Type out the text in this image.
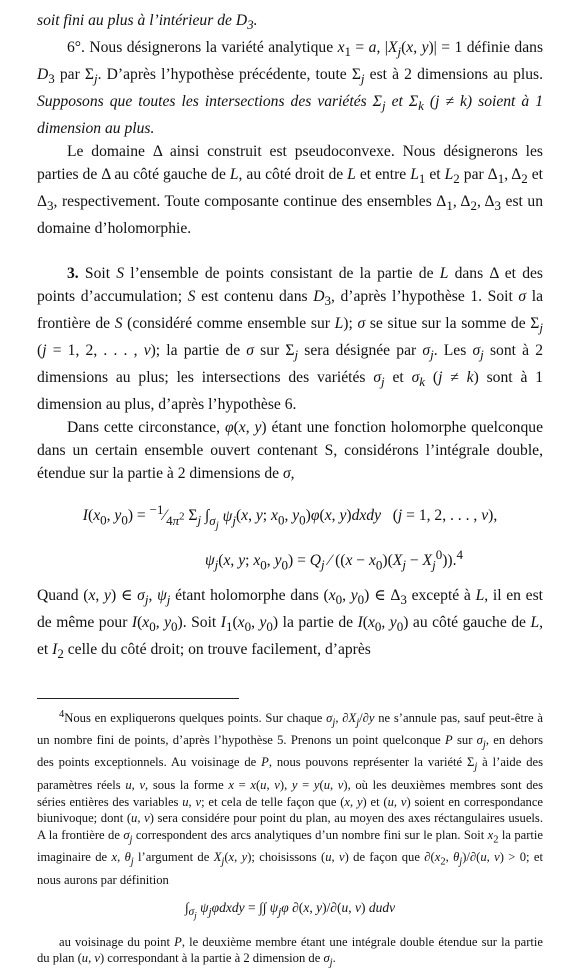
soit fini au plus à l’intérieur de $D_3$.

6°. Nous désignerons la variété analytique $x_1 = a$, $|X_j(x$, y)| = 1 définie dans $D_3$ par $\Sigma_j$. D’après l’hypothèse précédente, toute $\Sigma_j$ est à 2 dimensions au plus. Supposons que toutes les intersections des variétés $\Sigma_j$ et $\Sigma_k$ (j ≠ k) soient à 1 dimension au plus.

Le domaine Δ ainsi construit est pseudoconvexe. Nous désignerons les parties de Δ au côté gauche de L, au côté droit de L et entre $L_1$ et $L_2$ par $\Delta_1$, $\Delta_2$ et $\Delta_3$, respectivement. Toute composante continue des ensembles $\Delta_1$, $\Delta_2$, $\Delta_3$ est un domaine d’holomorphie.

3. Soit S l’ensemble de points consistant de la partie de L dans Δ et des points d’accumulation; S est contenu dans $D_3$, d’après l’hypothèse 1. Soit σ la frontière de S (considéré comme ensemble sur L); σ se situe sur la somme de $\Sigma_j$ (j = 1, 2, . . . , ν); la partie de σ sur $\Sigma_j$ sera désignée par $\sigma_j$. Les $\sigma_j$ sont à 2 dimensions au plus; les intersections des variétés $\sigma_j$ et $\sigma_k$ (j ≠ k) sont à 1 dimension au plus, d’après l’hypothèse 6.

Dans cette circonstance, φ(x, y) étant une fonction holomorphe quelconque dans un certain ensemble ouvert contenant S, considérons l’intégrale double, étendue sur la partie à 2 dimensions de σ,

$I(x_0$, $y_0$) = $^{-1}⁄_{4\pi^2}$ $\Sigma_j$ $\int_{\sigma_j}$ $\psi_j(x$, y; $x_0$, $y_0)\varphi(x$, y)dxdy   (j = 1, 2, . . . , ν),
$\psi_j(x$, y; $x_0$, $y_0) = Q_j$ ⁄ $((x - x_0)(X_j - X_j^0)).^4$

Quand (x, y) ∈ $\sigma_j$, $\psi_j$ étant holomorphe dans ($x_0$, $y_0$) ∈ $\Delta_3$ excepté à L, il en est de même pour $I(x_0$, $y_0$). Soit $I_1(x_0$, $y_0$) la partie de $I(x_0$, $y_0$) au côté gauche de L, et $I_2$ celle du côté droit; on trouve facilement, d’après

$^4$Nous en expliquerons quelques points. Sur chaque $\sigma_j$, $\partial X_j/\partial y$ ne s’annule pas, sauf peut-être à un nombre fini de points, d’après l’hypothèse 5. Prenons un point quelconque P sur $\sigma_j$, en dehors des points exceptionnels. Au voisinage de P, nous pouvons représenter la variété $\Sigma_j$ à l’aide des paramètres réels u, v, sous la forme x = x(u, v), y = y(u, v), où les deuxièmes membres sont des séries entières des variables u, v; et cela de telle façon que (x, y) et (u, v) soient en correspondance biunivoque; dont (u, v) sera considére pour point du plan, au moyen des axes réctangulaires usuels. A la frontière de $\sigma_j$ correspondent des arcs analytiques d’un nombre fini sur le plan. Soit $x_2$ la partie imaginaire de x, $\theta_j$ l’argument de $X_j(x$, y); choisissons (u, v) de façon que $\partial(x_2$, $\theta_j)/\partial(u$, v) > 0; et nous aurons par définition

$\int_{\sigma_j}$ $\psi_j\varphi dxdy$ = ∫∫ $\psi_j\varphi$ ∂(x, y)/∂(u, v) dudv

au voisinage du point P, le deuxième membre étant une intégrale double étendue sur la partie du plan (u, v) correspondant à la partie à 2 dimension de $\sigma_j$.
